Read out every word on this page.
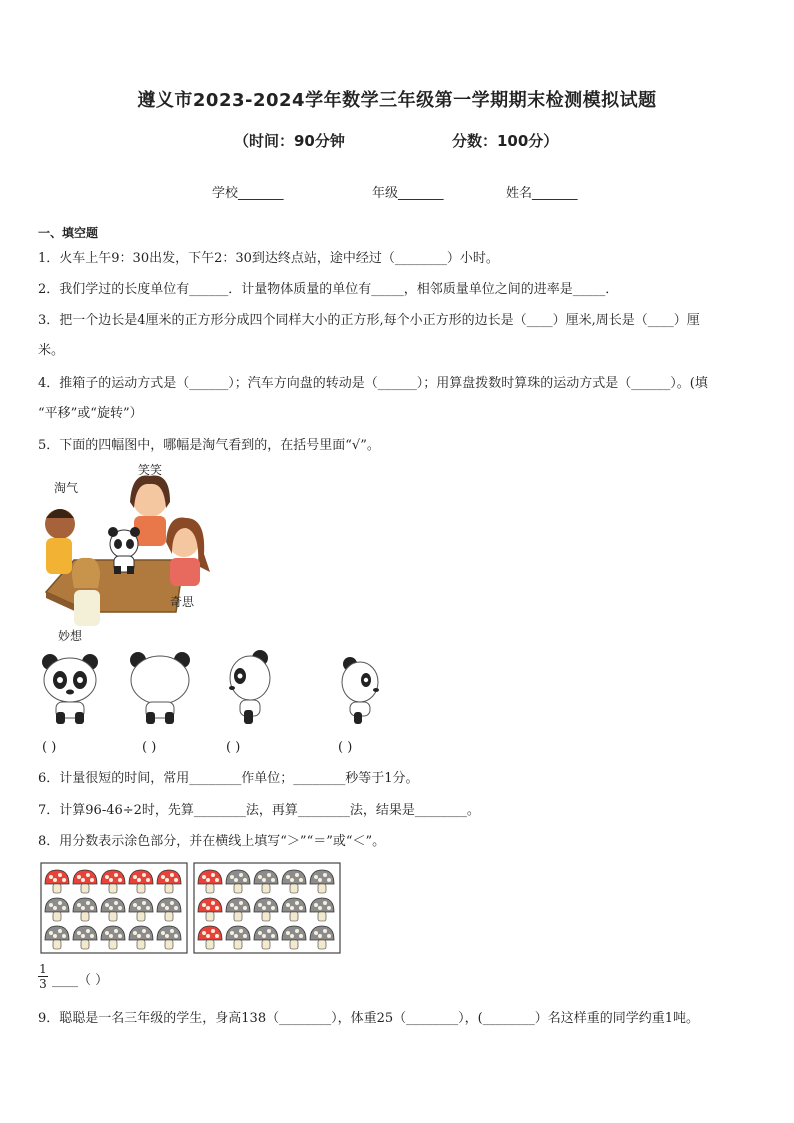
遵义市2023-2024学年数学三年级第一学期期末检测模拟试题
（时间：90分钟	分数：100分）
学校_______	年级_______	姓名_______
一、填空题
1．火车上午9：30出发，下午2：30到达终点站，途中经过（________）小时。
2．我们学过的长度单位有______．计量物体质量的单位有_____，相邻质量单位之间的进率是_____．
3．把一个边长是4厘米的正方形分成四个同样大小的正方形,每个小正方形的边长是（____）厘米,周长是（____）厘
米。
4．推箱子的运动方式是（______）；汽车方向盘的转动是（______）；用算盘拨数时算珠的运动方式是（______）。(填
“平移”或“旋转”）
5．下面的四幅图中，哪幅是淘气看到的，在括号里面“√”。
淘气
笑笑
奇思
妙想
( )	( )	( )	( )
6．计量很短的时间，常用________作单位；________秒等于1分。
7．计算96-46÷2时，先算________法，再算________法，结果是________。
8．用分数表示涂色部分，并在横线上填写“＞”“＝”或“＜”。
1
3 ____（ ）
9．聪聪是一名三年级的学生，身高138（________），体重25（________），(________）名这样重的同学约重1吨。
